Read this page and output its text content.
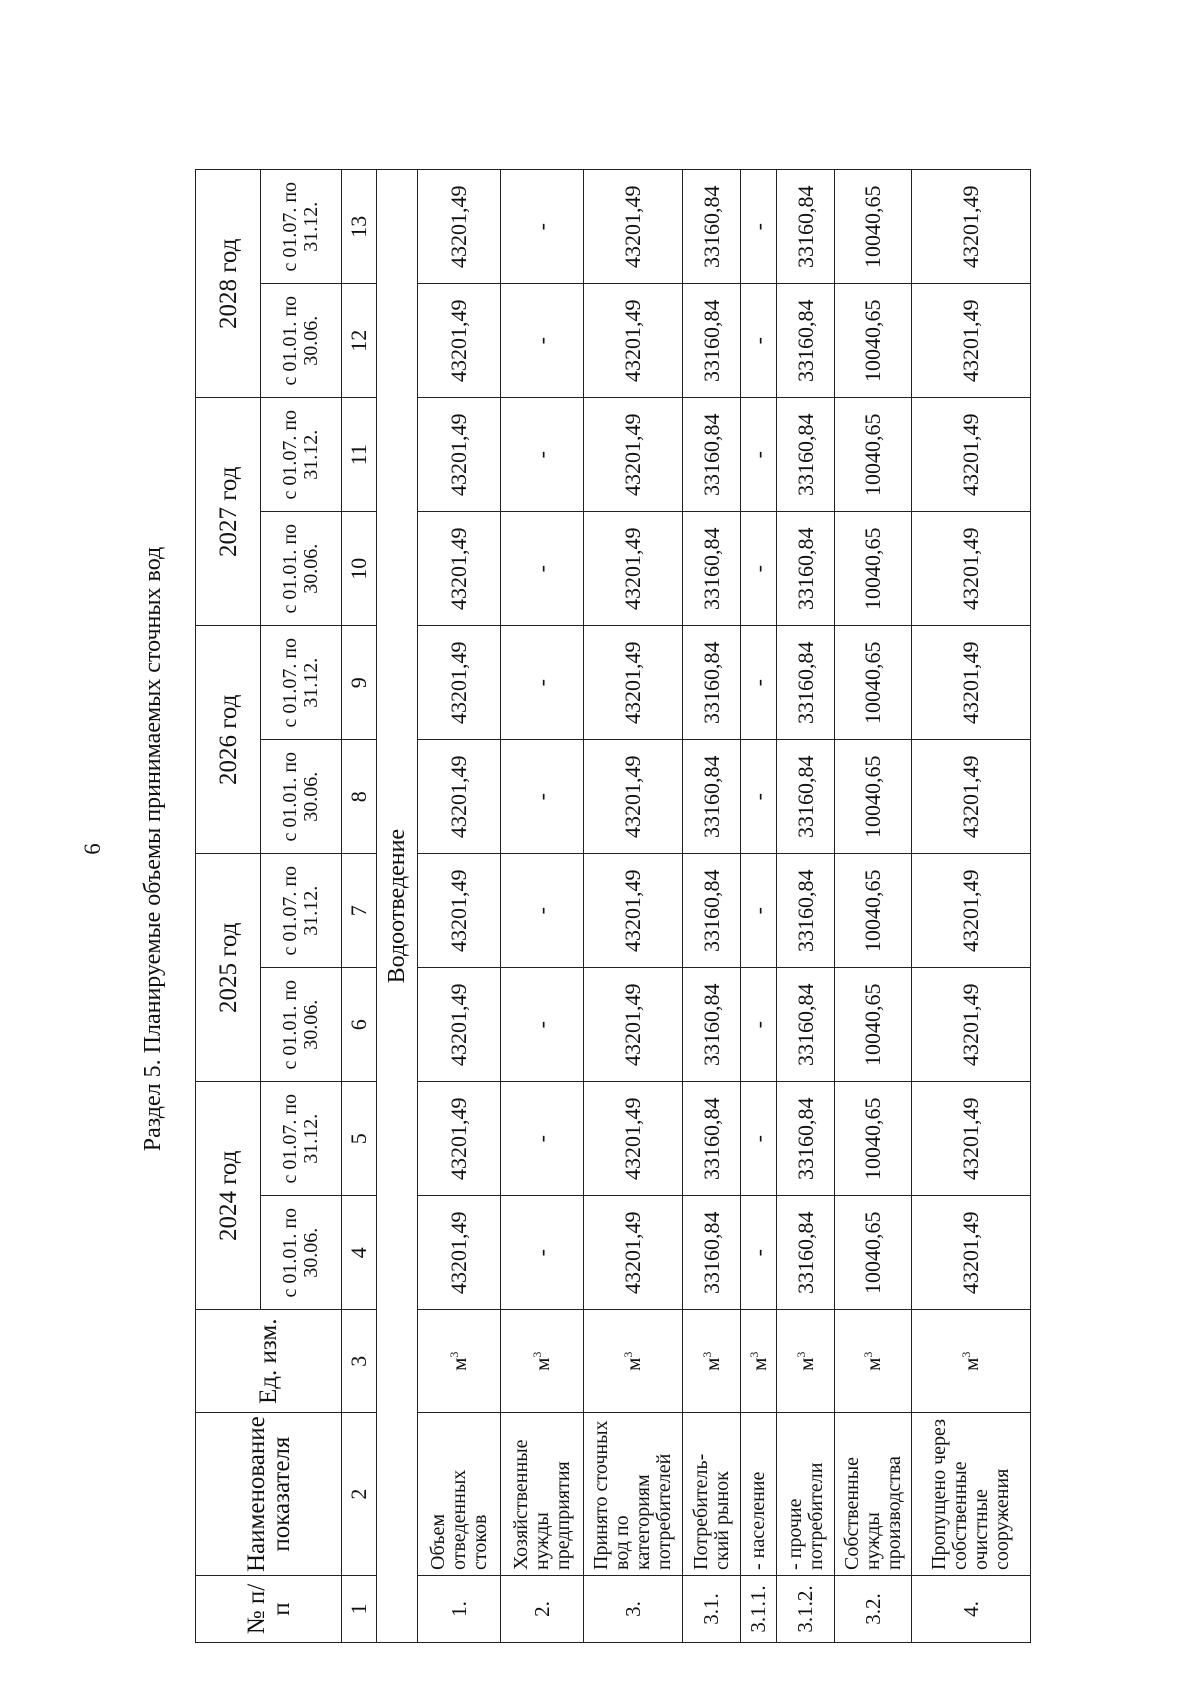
6 Раздел 5. Планируемые объемы принимаемых сточных вод
№ п/п	Наименование показателя	Ед. изм.	2024 год		2025 год		2026 год		2027 год		2028 год	
			с 01.01. по 30.06.	с 01.07. по 31.12.	с 01.01. по 30.06.	с 01.07. по 31.12.	с 01.01. по 30.06.	с 01.07. по 31.12.	с 01.01. по 30.06.	с 01.07. по 31.12.	с 01.01. по 30.06.	с 01.07. по 31.12.
1	2	3	4	5	6	7	8	9	10	11	12	13
Водоотведение												
1.	Объем отведенных стоков	$м^3$	43201,49	43201,49	43201,49	43201,49	43201,49	43201,49	43201,49	43201,49	43201,49	43201,49
2.	Хозяйственные нужды предприятия	$м^3$	-	-	-	-	-	-	-	-	-	-
3.	Принято сточных вод по категориям потребителей	$м^3$	43201,49	43201,49	43201,49	43201,49	43201,49	43201,49	43201,49	43201,49	43201,49	43201,49
3.1.	Потребитель-ский рынок	$м^3$	33160,84	33160,84	33160,84	33160,84	33160,84	33160,84	33160,84	33160,84	33160,84	33160,84
3.1.1.	- население	$м^3$	-	-	-	-	-	-	-	-	-	-
3.1.2.	- прочие потребители	$м^3$	33160,84	33160,84	33160,84	33160,84	33160,84	33160,84	33160,84	33160,84	33160,84	33160,84
3.2.	Собственные нужды производства	$м^3$	10040,65	10040,65	10040,65	10040,65	10040,65	10040,65	10040,65	10040,65	10040,65	10040,65
4.	Пропущено через собственные очистные сооружения	$м^3$	43201,49	43201,49	43201,49	43201,49	43201,49	43201,49	43201,49	43201,49	43201,49	43201,49
